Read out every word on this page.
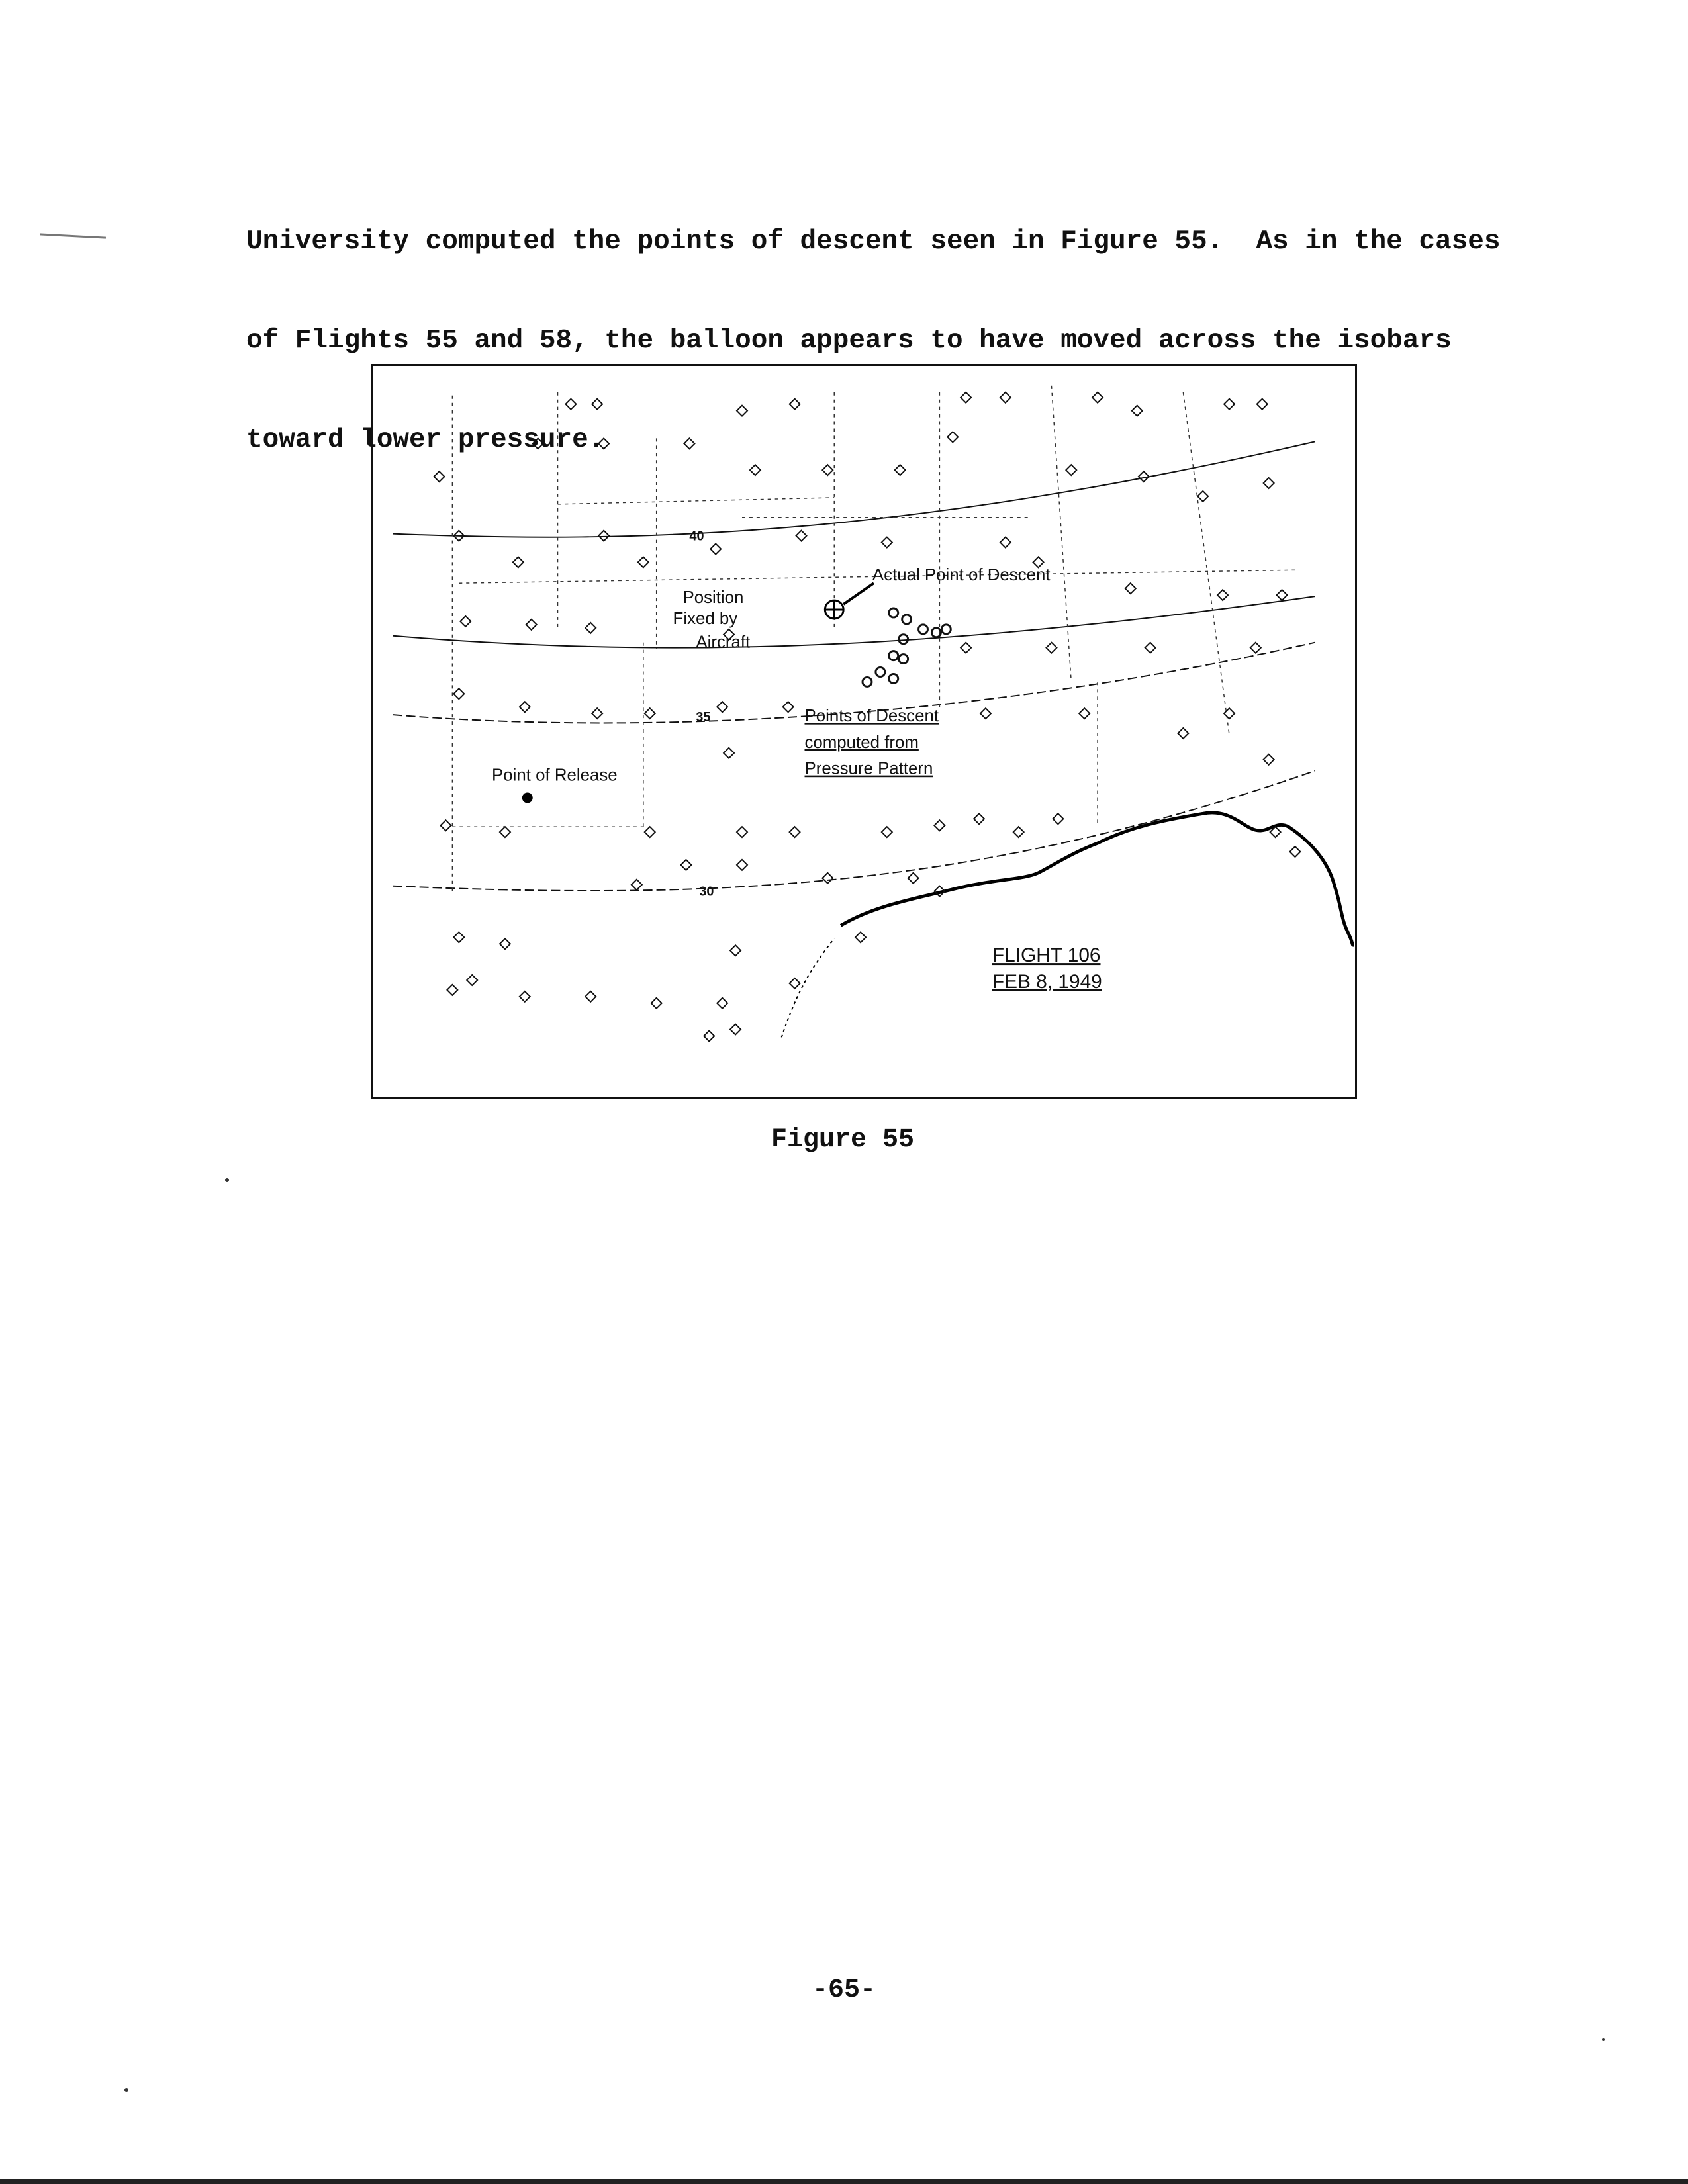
University computed the points of descent seen in Figure 55.  As in the cases

of Flights 55 and 58, the balloon appears to have moved across the isobars

toward lower pressure.

Position
Fixed by
Aircraft
Actual Point of Descent
Points of Descent
computed from
Pressure Pattern
Point of Release
FLIGHT 106
FEB 8, 1949
40
35
30
Figure 55
-65-
